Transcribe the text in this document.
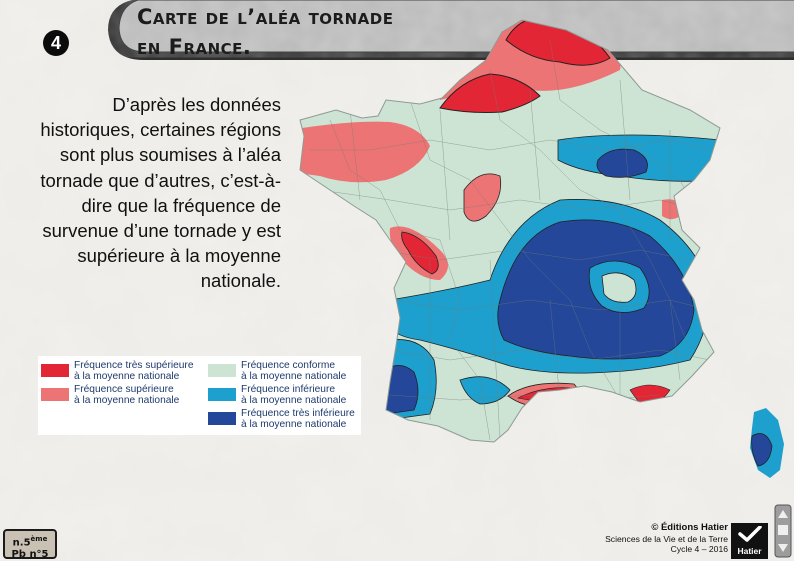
Carte de l’aléa tornade
en France.
4
D’après les données historiques, certaines régions sont plus soumises à l’aléa tornade que d’autres, c’est-à-dire que la fréquence de survenue d’une tornade y est supérieure à la moyenne nationale.
Fréquence très supérieure
à la moyenne nationale
Fréquence supérieure
à la moyenne nationale
Fréquence conforme
à la moyenne nationale
Fréquence inférieure
à la moyenne nationale
Fréquence très inférieure
à la moyenne nationale
n.5ème
Pb n°5
© Éditions Hatier
Sciences de la Vie et de la Terre
Cycle 4 – 2016	Hatier
